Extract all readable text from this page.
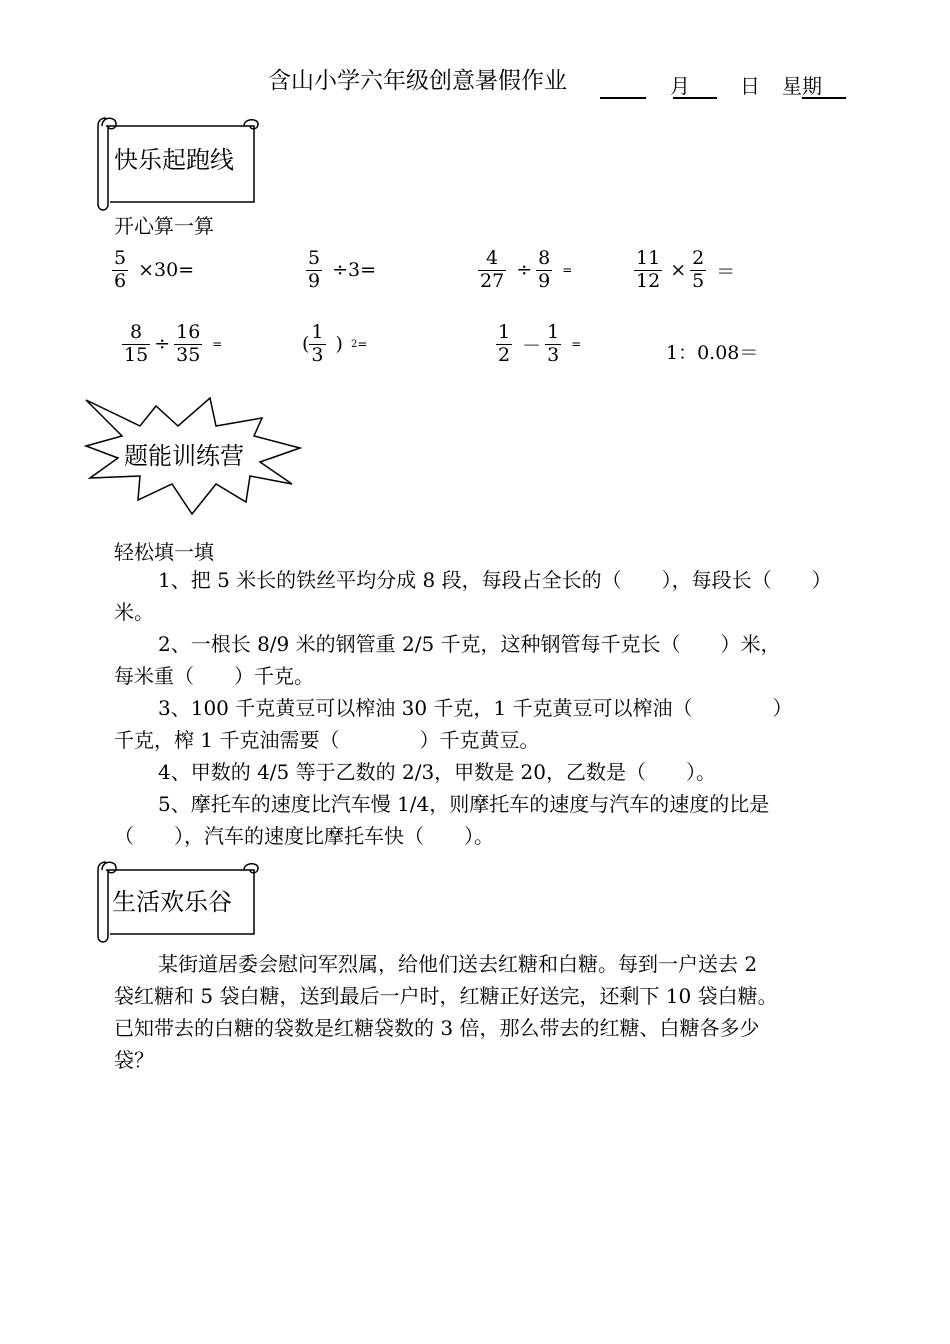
含山小学六年级创意暑假作业	月	日 星期
快乐起跑线
开心算一算
$\frac{5}{6} \times 30=$	$\frac{5}{9} \div 3=$	$\frac{4}{27} \div \frac{8}{9}$ =	$\frac{11}{12} \times \frac{2}{5}$ ＝
$\frac{8}{15} \div \frac{16}{35}$ =	( $\frac{1}{3}$ ) 2 =	$\frac{1}{2} - \frac{1}{3}$ =	1：0.08＝
题能训练营
轻松填一填
1、把 5 米长的铁丝平均分成 8 段，每段占全长的（　　），每段长（　　）
米。
2、一根长 8/9 米的钢管重 2/5 千克，这种钢管每千克长（　　）米，
每米重（　　）千克。
3、100 千克黄豆可以榨油 30 千克，1 千克黄豆可以榨油（　　　　）
千克，榨 1 千克油需要（　　　　）千克黄豆。
4、甲数的 4/5 等于乙数的 2/3，甲数是 20，乙数是（　　）。
5、摩托车的速度比汽车慢 1/4，则摩托车的速度与汽车的速度的比是
（　　），汽车的速度比摩托车快（　　）。
生活欢乐谷
某街道居委会慰问军烈属，给他们送去红糖和白糖。每到一户送去 2
袋红糖和 5 袋白糖，送到最后一户时，红糖正好送完，还剩下 10 袋白糖。
已知带去的白糖的袋数是红糖袋数的 3 倍，那么带去的红糖、白糖各多少
袋？
